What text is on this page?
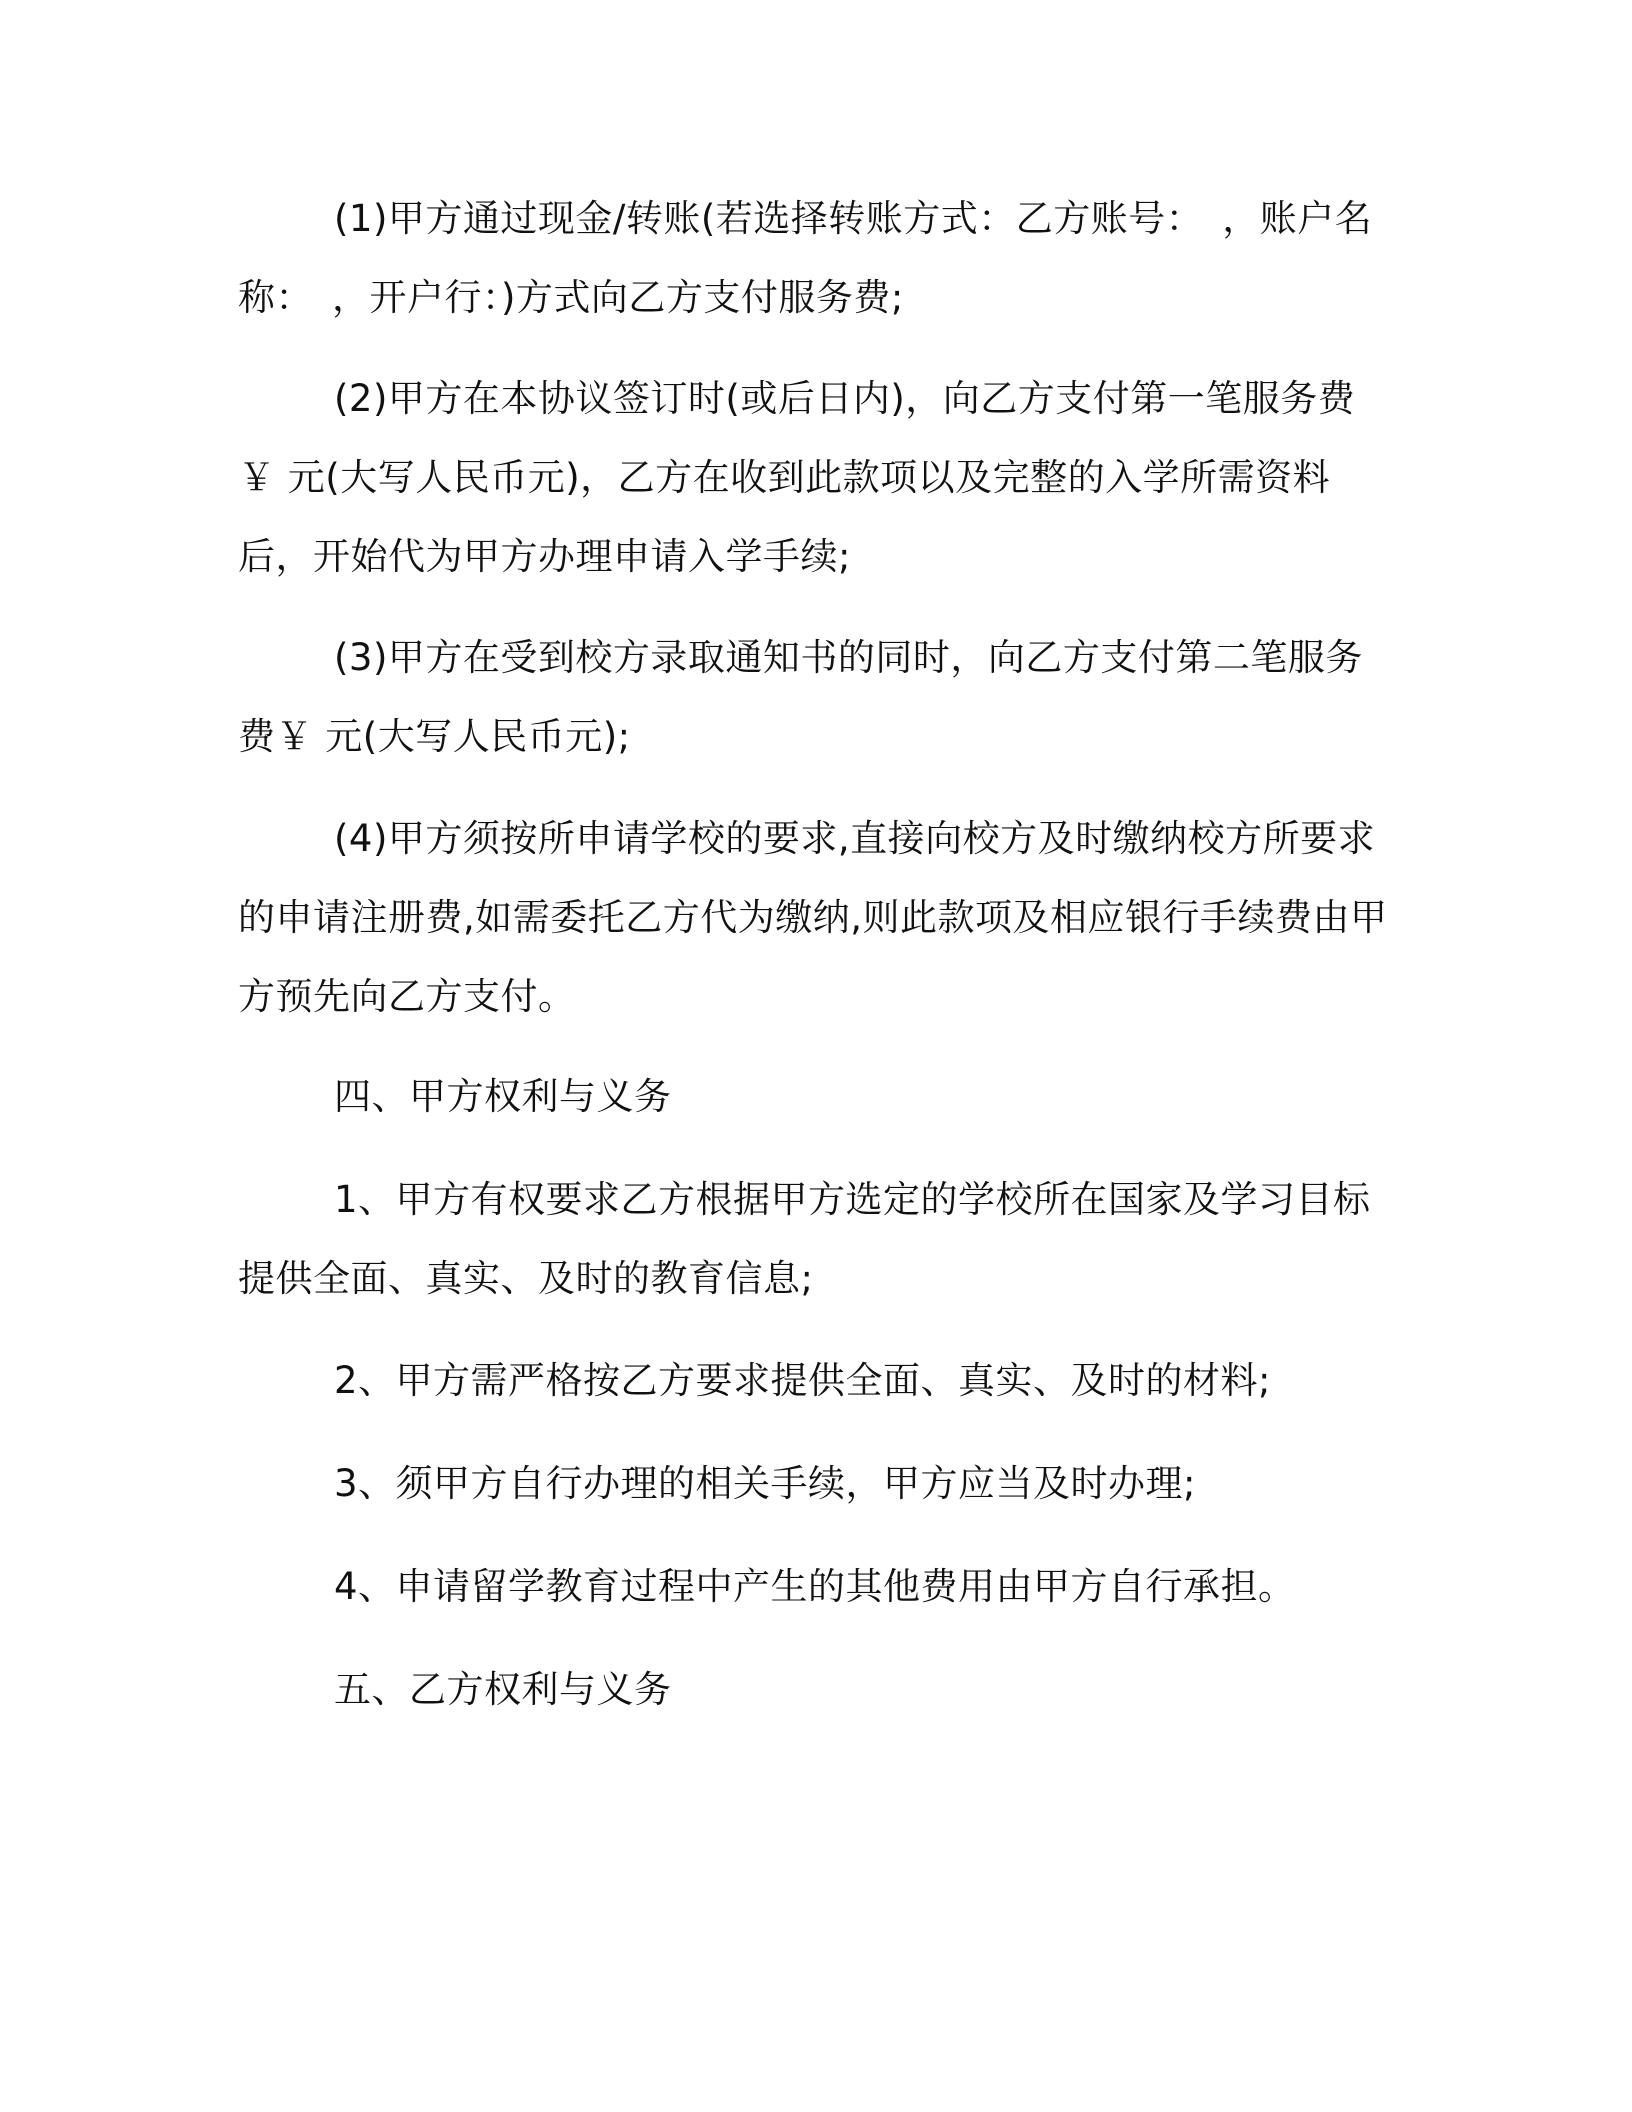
(1)甲方通过现金/转账(若选择转账方式：乙方账号：　，账户名称：　，开户行：)方式向乙方支付服务费;

(2)甲方在本协议签订时(或后日内)，向乙方支付第一笔服务费￥ 元(大写人民币元)，乙方在收到此款项以及完整的入学所需资料后，开始代为甲方办理申请入学手续;

(3)甲方在受到校方录取通知书的同时，向乙方支付第二笔服务费￥ 元(大写人民币元);

(4)甲方须按所申请学校的要求,直接向校方及时缴纳校方所要求的申请注册费,如需委托乙方代为缴纳,则此款项及相应银行手续费由甲方预先向乙方支付。

四、甲方权利与义务

1、甲方有权要求乙方根据甲方选定的学校所在国家及学习目标提供全面、真实、及时的教育信息;

2、甲方需严格按乙方要求提供全面、真实、及时的材料;

3、须甲方自行办理的相关手续，甲方应当及时办理;

4、申请留学教育过程中产生的其他费用由甲方自行承担。

五、乙方权利与义务
